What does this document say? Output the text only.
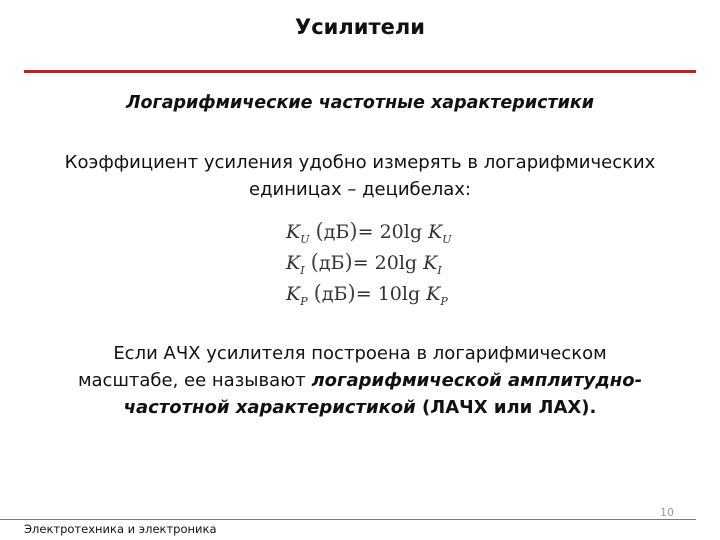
Усилители
Логарифмические частотные характеристики
Коэффициент усиления удобно измерять в логарифмических
единицах – децибелах:
$K_U$ (дБ)= 20lg $K_U$
$K_I$ (дБ)= 20lg $K_I$
$K_P$ (дБ)= 10lg $K_P$
Если АЧХ усилителя построена в логарифмическом
масштабе, ее называют логарифмической амплитудно-
частотной характеристикой (ЛАЧХ или ЛАХ).
10
Электротехника и электроника
